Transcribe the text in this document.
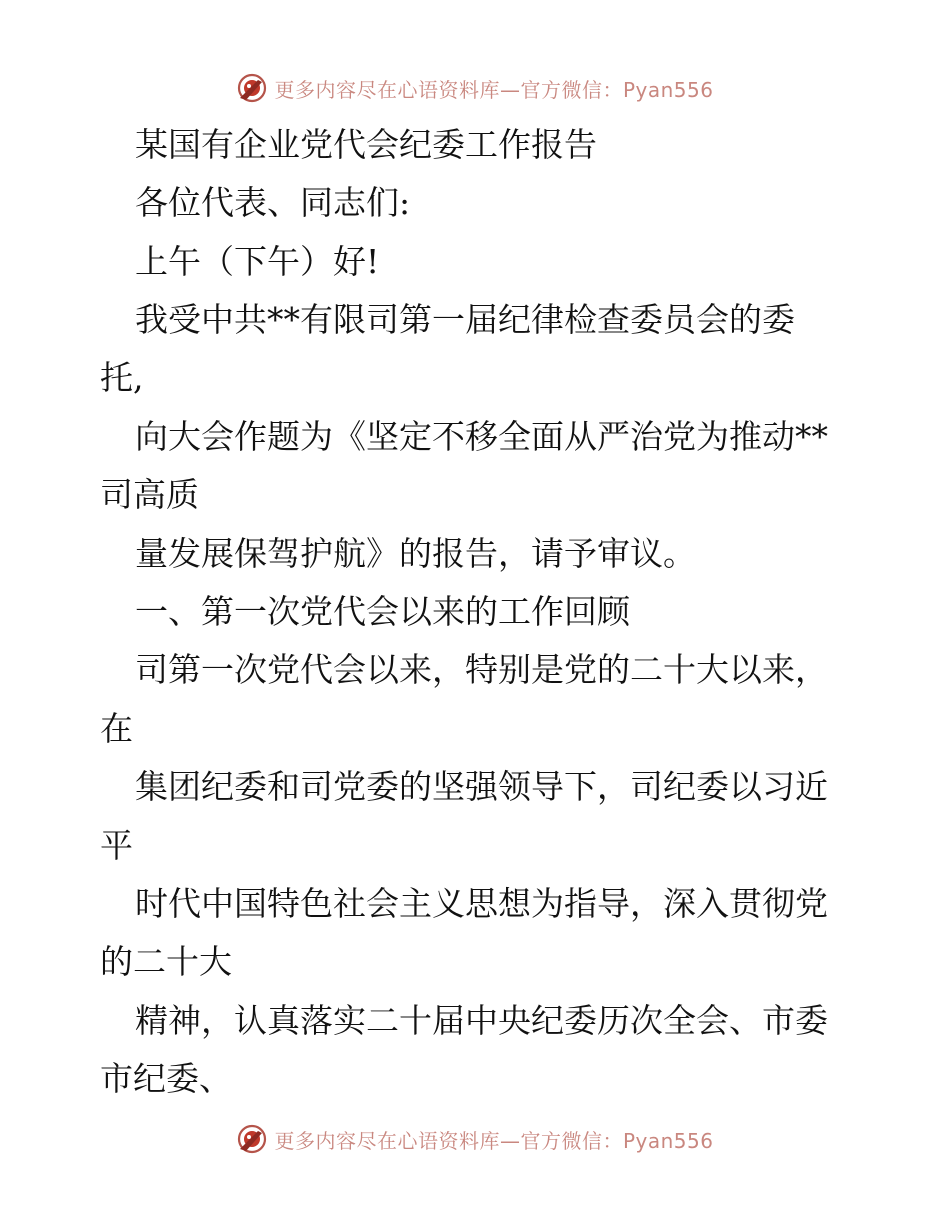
更多内容尽在心语资料库—官方微信：Pyan556
某国有企业党代会纪委工作报告
各位代表、同志们:
上午（下午）好!
我受中共**有限司第一届纪律检查委员会的委
托,
向大会作题为《坚定不移全面从严治党为推动**
司高质
量发展保驾护航》的报告，请予审议。
一、第一次党代会以来的工作回顾
司第一次党代会以来，特别是党的二十大以来，
在
集团纪委和司党委的坚强领导下，司纪委以习近
平
时代中国特色社会主义思想为指导，深入贯彻党
的二十大
精神，认真落实二十届中央纪委历次全会、市委
市纪委、
更多内容尽在心语资料库—官方微信：Pyan556
